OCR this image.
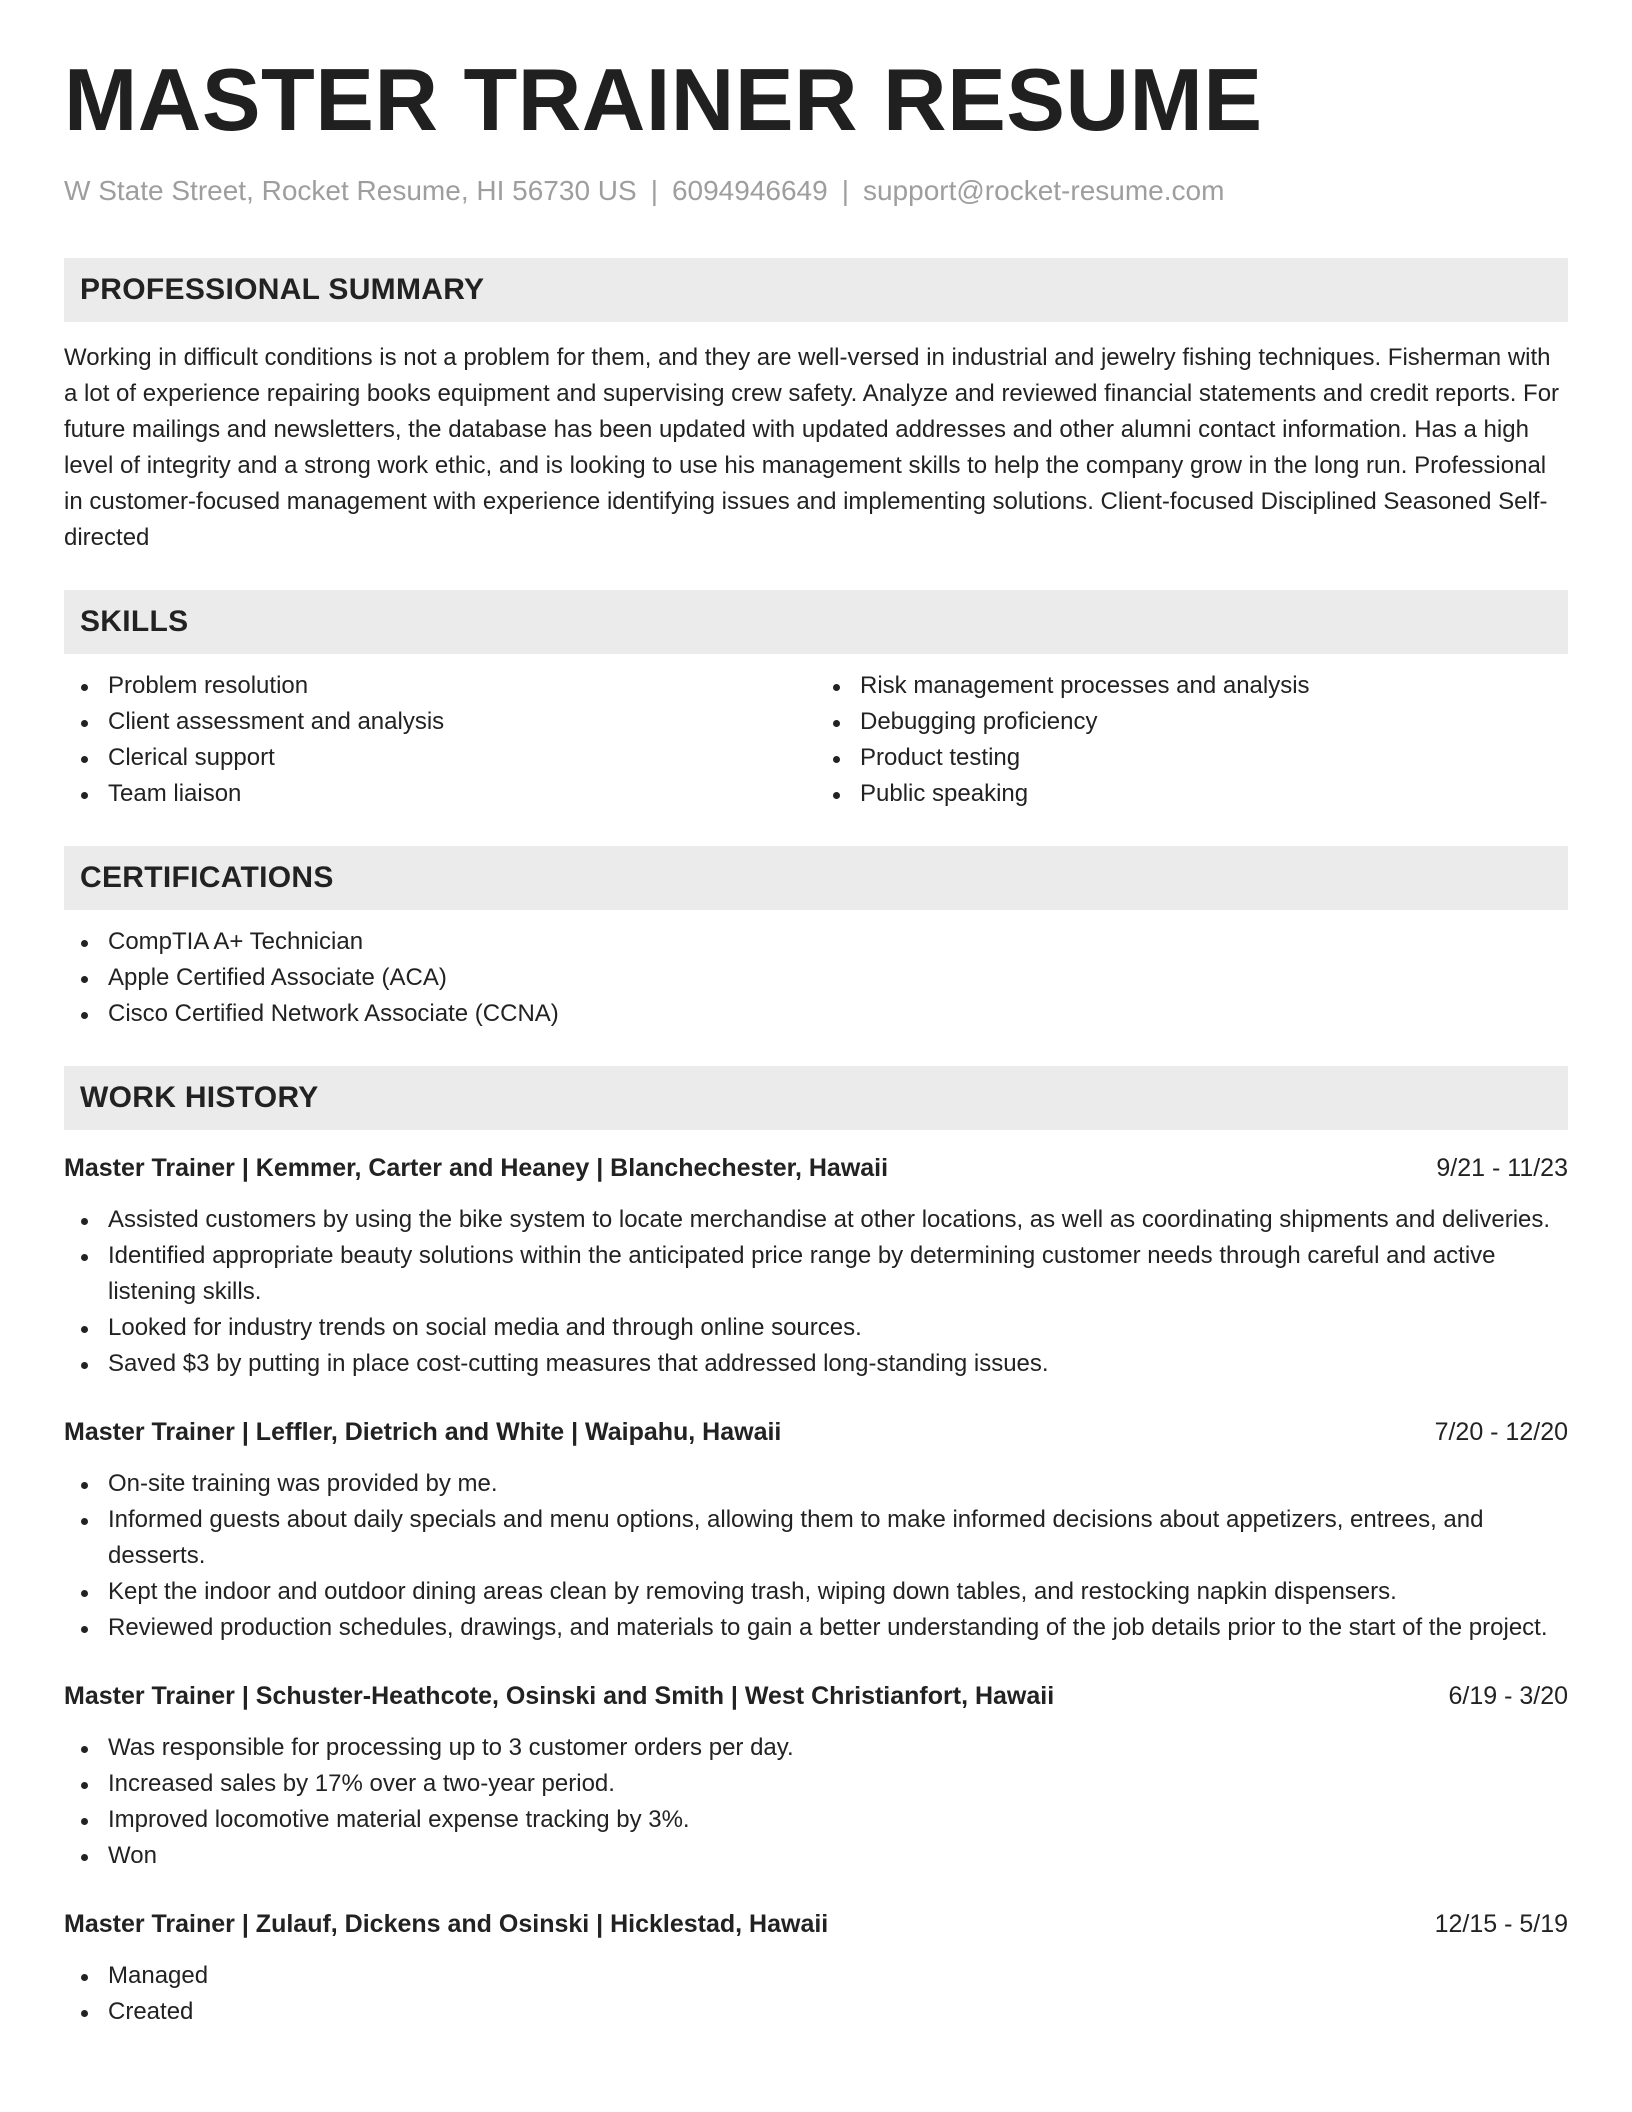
MASTER TRAINER RESUME
W State Street, Rocket Resume, HI 56730 US | 6094946649 | support@rocket-resume.com
PROFESSIONAL SUMMARY

Working in difficult conditions is not a problem for them, and they are well-versed in industrial and jewelry fishing techniques. Fisherman with a lot of experience repairing books equipment and supervising crew safety. Analyze and reviewed financial statements and credit reports. For future mailings and newsletters, the database has been updated with updated addresses and other alumni contact information. Has a high level of integrity and a strong work ethic, and is looking to use his management skills to help the company grow in the long run. Professional in customer-focused management with experience identifying issues and implementing solutions. Client-focused Disciplined Seasoned Self-directed

SKILLS
Problem resolution
Client assessment and analysis
Clerical support
Team liaison
Risk management processes and analysis
Debugging proficiency
Product testing
Public speaking
CERTIFICATIONS
CompTIA A+ Technician
Apple Certified Associate (ACA)
Cisco Certified Network Associate (CCNA)
WORK HISTORY
Master Trainer | Kemmer, Carter and Heaney | Blanchechester, Hawaii	9/21 - 11/23
Assisted customers by using the bike system to locate merchandise at other locations, as well as coordinating shipments and deliveries.
Identified appropriate beauty solutions within the anticipated price range by determining customer needs through careful and active listening skills.
Looked for industry trends on social media and through online sources.
Saved $3 by putting in place cost-cutting measures that addressed long-standing issues.
Master Trainer | Leffler, Dietrich and White | Waipahu, Hawaii	7/20 - 12/20
On-site training was provided by me.
Informed guests about daily specials and menu options, allowing them to make informed decisions about appetizers, entrees, and desserts.
Kept the indoor and outdoor dining areas clean by removing trash, wiping down tables, and restocking napkin dispensers.
Reviewed production schedules, drawings, and materials to gain a better understanding of the job details prior to the start of the project.
Master Trainer | Schuster-Heathcote, Osinski and Smith | West Christianfort, Hawaii	6/19 - 3/20
Was responsible for processing up to 3 customer orders per day.
Increased sales by 17% over a two-year period.
Improved locomotive material expense tracking by 3%.
Won
Master Trainer | Zulauf, Dickens and Osinski | Hicklestad, Hawaii	12/15 - 5/19
Managed
Created
